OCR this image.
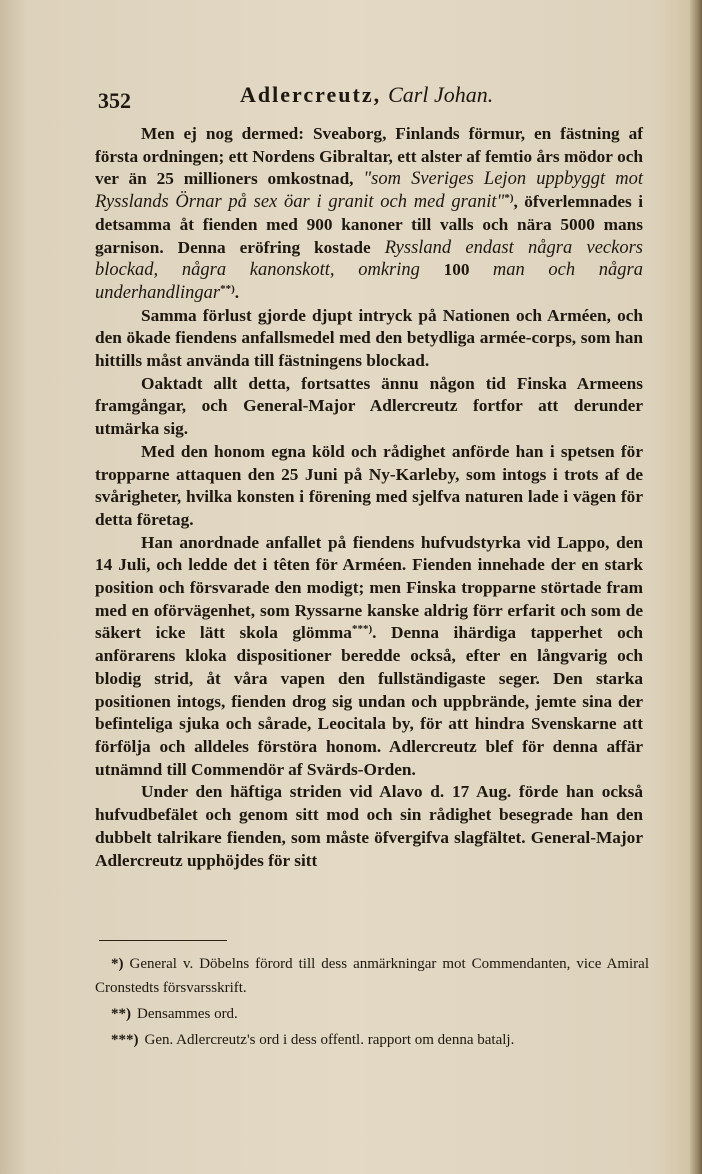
352	Adlercreutz, Carl Johan.

Men ej nog dermed: Sveaborg, Finlands förmur, en fästning af första ordningen; ett Nordens Gibraltar, ett alster af femtio års mödor och ver än 25 millioners omkostnad, "som Sveriges Lejon uppbyggt mot Rysslands Örnar på sex öar i granit och med granit"*), öfverlemnades i detsamma åt fienden med 900 kanoner till valls och nära 5000 mans garnison. Denna eröfring kostade Ryssland endast några veckors blockad, några kanonskott, omkring 100 man och några underhandlingar**).

Samma förlust gjorde djupt intryck på Nationen och Arméen, och den ökade fiendens anfallsmedel med den betydliga armée-corps, som han hittills måst använda till fästningens blockad.

Oaktadt allt detta, fortsattes ännu någon tid Finska Armeens framgångar, och General-Major Adlercreutz fortfor att derunder utmärka sig.

Med den honom egna köld och rådighet anförde han i spetsen för tropparne attaquen den 25 Juni på Ny-Karleby, som intogs i trots af de svårigheter, hvilka konsten i förening med sjelfva naturen lade i vägen för detta företag.

Han anordnade anfallet på fiendens hufvudstyrka vid Lappo, den 14 Juli, och ledde det i têten för Arméen. Fienden innehade der en stark position och försvarade den modigt; men Finska tropparne störtade fram med en oförvägenhet, som Ryssarne kanske aldrig förr erfarit och som de säkert icke lätt skola glömma***). Denna ihärdiga tapperhet och anförarens kloka dispositioner beredde också, efter en långvarig och blodig strid, åt våra vapen den fullständigaste seger. Den starka positionen intogs, fienden drog sig undan och uppbrände, jemte sina der befinteliga sjuka och sårade, Leocitala by, för att hindra Svenskarne att förfölja och alldeles förstöra honom. Adlercreutz blef för denna affär utnämnd till Commendör af Svärds-Orden.

Under den häftiga striden vid Alavo d. 17 Aug. förde han också hufvudbefälet och genom sitt mod och sin rådighet besegrade han den dubbelt talrikare fienden, som måste öfvergifva slagfältet. General-Major Adlercreutz upphöjdes för sitt

*) General v. Döbelns förord till dess anmärkningar mot Commendanten, vice Amiral Cronstedts försvarsskrift.

**) Densammes ord.

***) Gen. Adlercreutz's ord i dess offentl. rapport om denna batalj.
